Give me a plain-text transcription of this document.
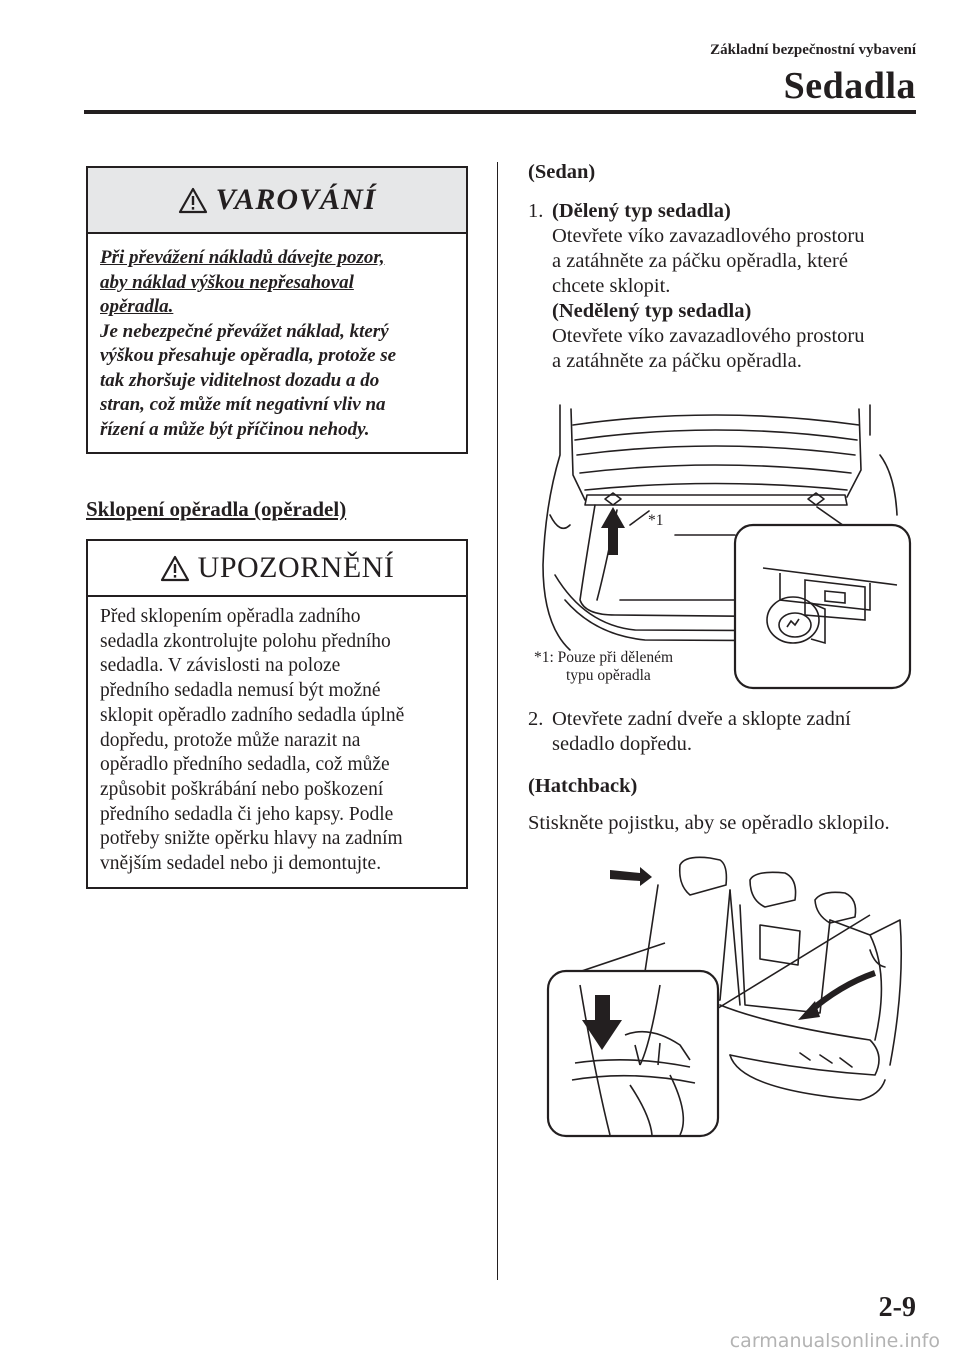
Základní bezpečnostní vybavení
Sedadla
VAROVÁNÍ
Při převážení nákladů dávejte pozor,
aby náklad výškou nepřesahoval
opěradla.
Je nebezpečné převážet náklad, který
výškou přesahuje opěradla, protože se
tak zhoršuje viditelnost dozadu a do
stran, což může mít negativní vliv na
řízení a může být příčinou nehody.
Sklopení opěradla (opěradel)
UPOZORNĚNÍ
Před sklopením opěradla zadního
sedadla zkontrolujte polohu předního
sedadla. V závislosti na poloze
předního sedadla nemusí být možné
sklopit opěradlo zadního sedadla úplně
dopředu, protože může narazit na
opěradlo předního sedadla, což může
způsobit poškrábání nebo poškození
předního sedadla či jeho kapsy. Podle
potřeby snižte opěrku hlavy na zadním
vnějším sedadel nebo ji demontujte.
(Sedan)
1. (Dělený typ sedadla)
Otevřete víko zavazadlového prostoru
a zatáhněte za páčku opěradla, které
chcete sklopit.
(Nedělený typ sedadla)
Otevřete víko zavazadlového prostoru
a zatáhněte za páčku opěradla.
*1
*1: Pouze při děleném
typu opěradla
2. Otevřete zadní dveře a sklopte zadní
sedadlo dopředu.
(Hatchback)
Stiskněte pojistku, aby se opěradlo sklopilo.
2-9
carmanualsonline.info
